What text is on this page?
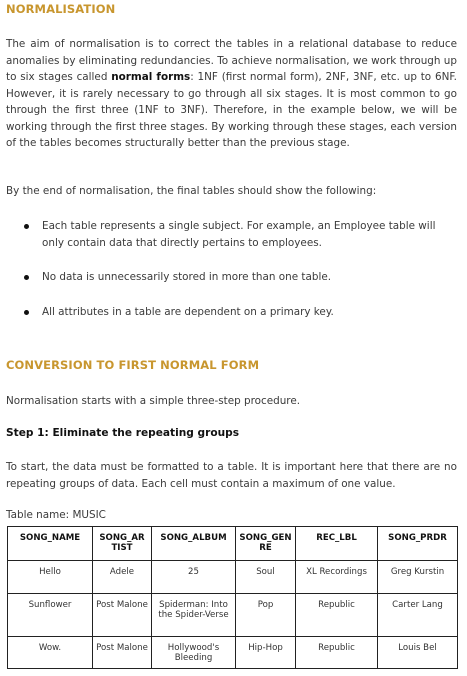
NORMALISATION
The aim of normalisation is to correct the tables in a relational database to reduce anomalies by eliminating redundancies. To achieve normalisation, we work through up to six stages called normal forms: 1NF (first normal form), 2NF, 3NF, etc. up to 6NF. However, it is rarely necessary to go through all six stages. It is most common to go through the first three (1NF to 3NF). Therefore, in the example below, we will be working through the first three stages. By working through these stages, each version of the tables becomes structurally better than the previous stage.
By the end of normalisation, the final tables should show the following:
Each table represents a single subject. For example, an Employee table will only contain data that directly pertains to employees.
No data is unnecessarily stored in more than one table.
All attributes in a table are dependent on a primary key.
CONVERSION TO FIRST NORMAL FORM
Normalisation starts with a simple three-step procedure.
Step 1: Eliminate the repeating groups
To start, the data must be formatted to a table. It is important here that there are no repeating groups of data. Each cell must contain a maximum of one value.
Table name: MUSIC
SONG_NAME	SONG_AR TIST	SONG_ALBUM	SONG_GEN RE	REC_LBL	SONG_PRDR
Hello	Adele	25	Soul	XL Recordings	Greg Kurstin
Sunflower	Post Malone	Spiderman: Into the Spider-Verse	Pop	Republic	Carter Lang
Wow.	Post Malone	Hollywood's Bleeding	Hip-Hop	Republic	Louis Bel
